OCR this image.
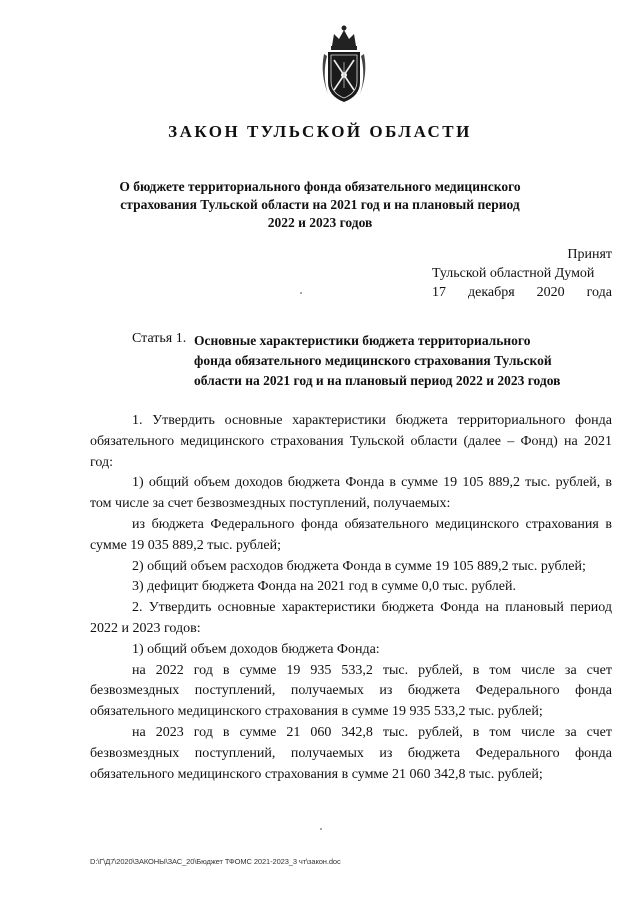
ЗАКОН ТУЛЬСКОЙ ОБЛАСТИ
О бюджете территориального фонда обязательного медицинского
страхования Тульской области на 2021 год и на плановый период
2022 и 2023 годов
Принят
Тульской областной Думой
17 декабря 2020 года
Статья 1. Основные характеристики бюджета территориального
фонда обязательного медицинского страхования Тульской
области на 2021 год и на плановый период 2022 и 2023 годов

1. Утвердить основные характеристики бюджета территориального фонда обязательного медицинского страхования Тульской области (далее – Фонд) на 2021 год:

1) общий объем доходов бюджета Фонда в сумме 19 105 889,2 тыс. рублей, в том числе за счет безвозмездных поступлений, получаемых:

из бюджета Федерального фонда обязательного медицинского страхования в сумме 19 035 889,2 тыс. рублей;

2) общий объем расходов бюджета Фонда в сумме 19 105 889,2 тыс. рублей;

3) дефицит бюджета Фонда на 2021 год в сумме 0,0 тыс. рублей.

2. Утвердить основные характеристики бюджета Фонда на плановый период 2022 и 2023 годов:

1) общий объем доходов бюджета Фонда:

на 2022 год в сумме 19 935 533,2 тыс. рублей, в том числе за счет безвозмездных поступлений, получаемых из бюджета Федерального фонда обязательного медицинского страхования в сумме 19 935 533,2 тыс. рублей;

на 2023 год в сумме 21 060 342,8 тыс. рублей, в том числе за счет безвозмездных поступлений, получаемых из бюджета Федерального фонда обязательного медицинского страхования в сумме 21 060 342,8 тыс. рублей;

D:\Г\Д7\2020\ЗАКОНЫ\ЗАС_20\Бюджет ТФОМС 2021-2023_3 чт\закон.doc
